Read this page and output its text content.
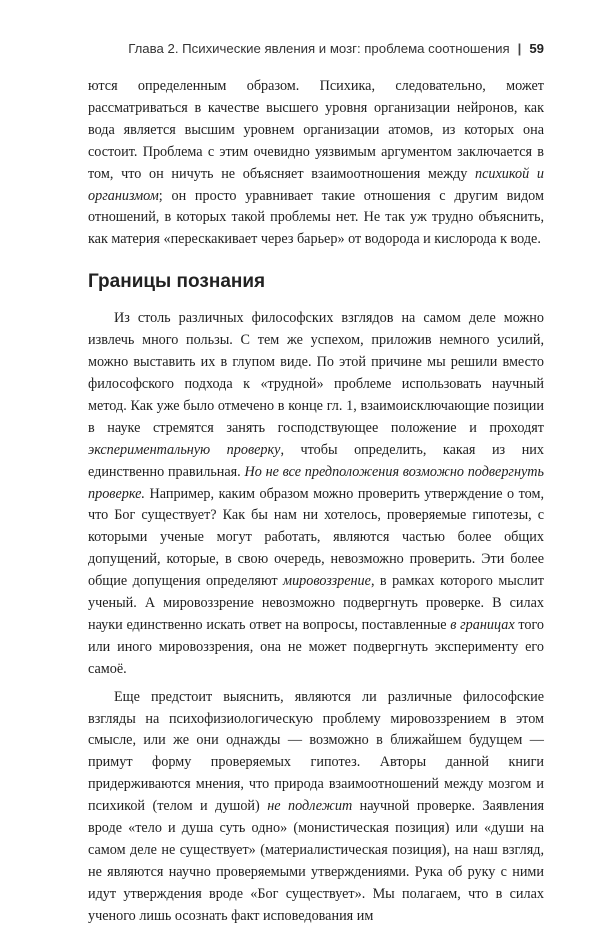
Глава 2. Психические явления и мозг: проблема соотношения | 59

ются определенным образом. Психика, следовательно, может рассматриваться в качестве высшего уровня организации нейронов, как вода является высшим уровнем организации атомов, из которых она состоит. Проблема с этим очевидно уязвимым аргументом заключается в том, что он ничуть не объясняет взаимоотношения между психикой и организмом; он просто уравнивает такие отношения с другим видом отношений, в которых такой проблемы нет. Не так уж трудно объяснить, как материя «перескакивает через барьер» от водорода и кислорода к воде.

Границы познания

Из столь различных философских взглядов на самом деле можно извлечь много пользы. С тем же успехом, приложив немного усилий, можно выставить их в глупом виде. По этой причине мы решили вместо философского подхода к «трудной» проблеме использовать научный метод. Как уже было отмечено в конце гл. 1, взаимоисключающие позиции в науке стремятся занять господствующее положение и проходят экспериментальную проверку, чтобы определить, какая из них единственно правильная. Но не все предположения возможно подвергнуть проверке. Например, каким образом можно проверить утверждение о том, что Бог существует? Как бы нам ни хотелось, проверяемые гипотезы, с которыми ученые могут работать, являются частью более общих допущений, которые, в свою очередь, невозможно проверить. Эти более общие допущения определяют мировоззрение, в рамках которого мыслит ученый. А мировоззрение невозможно подвергнуть проверке. В силах науки единственно искать ответ на вопросы, поставленные в границах того или иного мировоззрения, она не может подвергнуть эксперименту его самоё.

Еще предстоит выяснить, являются ли различные философские взгляды на психофизиологическую проблему мировоззрением в этом смысле, или же они однажды — возможно в ближайшем будущем — примут форму проверяемых гипотез. Авторы данной книги придерживаются мнения, что природа взаимоотношений между мозгом и психикой (телом и душой) не подлежит научной проверке. Заявления вроде «тело и душа суть одно» (монистическая позиция) или «души на самом деле не существует» (материалистическая позиция), на наш взгляд, не являются научно проверяемыми утверждениями. Рука об руку с ними идут утверждения вроде «Бог существует». Мы полагаем, что в силах ученого лишь осознать факт исповедования им
